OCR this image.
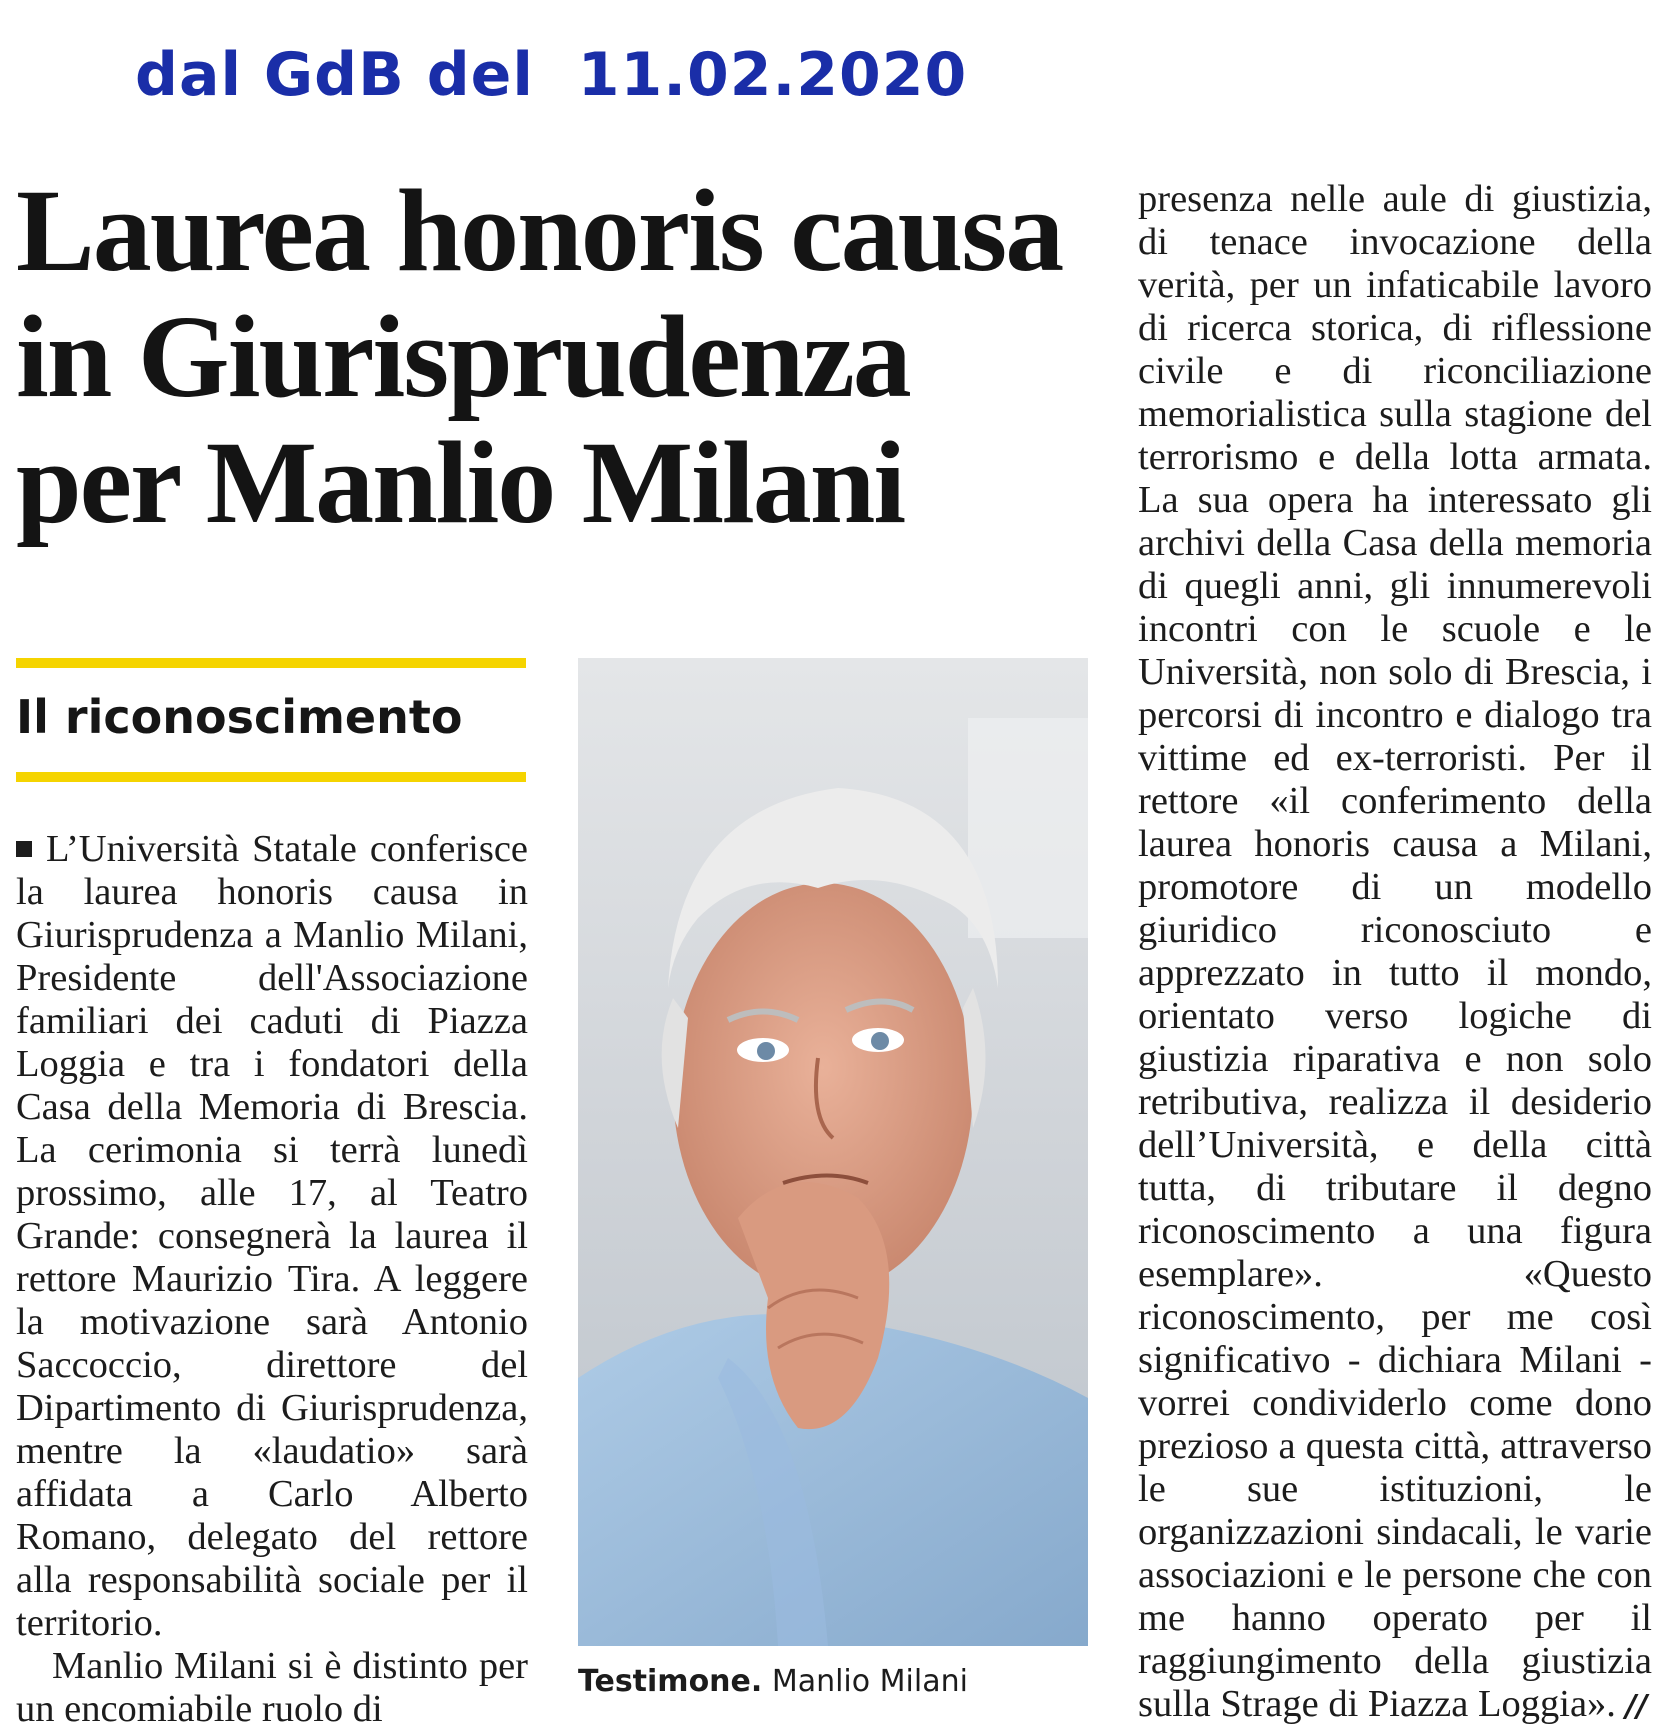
dal GdB del  11.02.2020
Laurea honoris causa
in Giurisprudenza
per Manlio Milani
Il riconoscimento

L’Università Statale conferisce la laurea honoris causa in Giurisprudenza a Manlio Milani, Presidente dell'Associazione familiari dei caduti di Piazza Loggia e tra i fondatori della Casa della Memoria di Brescia. La cerimonia si terrà lunedì prossimo, alle 17, al Teatro Grande: consegnerà la laurea il rettore Maurizio Tira. A leggere la motivazione sarà Antonio Saccoccio, direttore del Dipartimento di Giurisprudenza, mentre la «laudatio» sarà affidata a Carlo Alberto Romano, delegato del rettore alla responsabilità sociale per il territorio.

Manlio Milani si è distinto per un encomiabile ruolo di

Testimone. Manlio Milani

presenza nelle aule di giustizia, di tenace invocazione della verità, per un infaticabile lavoro di ricerca storica, di riflessione civile e di riconciliazione memorialistica sulla stagione del terrorismo e della lotta armata. La sua opera ha interessato gli archivi della Casa della memoria di quegli anni, gli innumerevoli incontri con le scuole e le Università, non solo di Brescia, i percorsi di incontro e dialogo tra vittime ed ex-terroristi. Per il rettore «il conferimento della laurea honoris causa a Milani, promotore di un modello giuridico riconosciuto e apprezzato in tutto il mondo, orientato verso logiche di giustizia riparativa e non solo retributiva, realizza il desiderio dell’Università, e della città tutta, di tributare il degno riconoscimento a una figura esemplare». «Questo riconoscimento, per me così significativo - dichiara Milani - vorrei condividerlo come dono prezioso a questa città, attraverso le sue istituzioni, le organizzazioni sindacali, le varie associazioni e le persone che con me hanno operato per il raggiungimento della giustizia sulla Strage di Piazza Loggia». //
